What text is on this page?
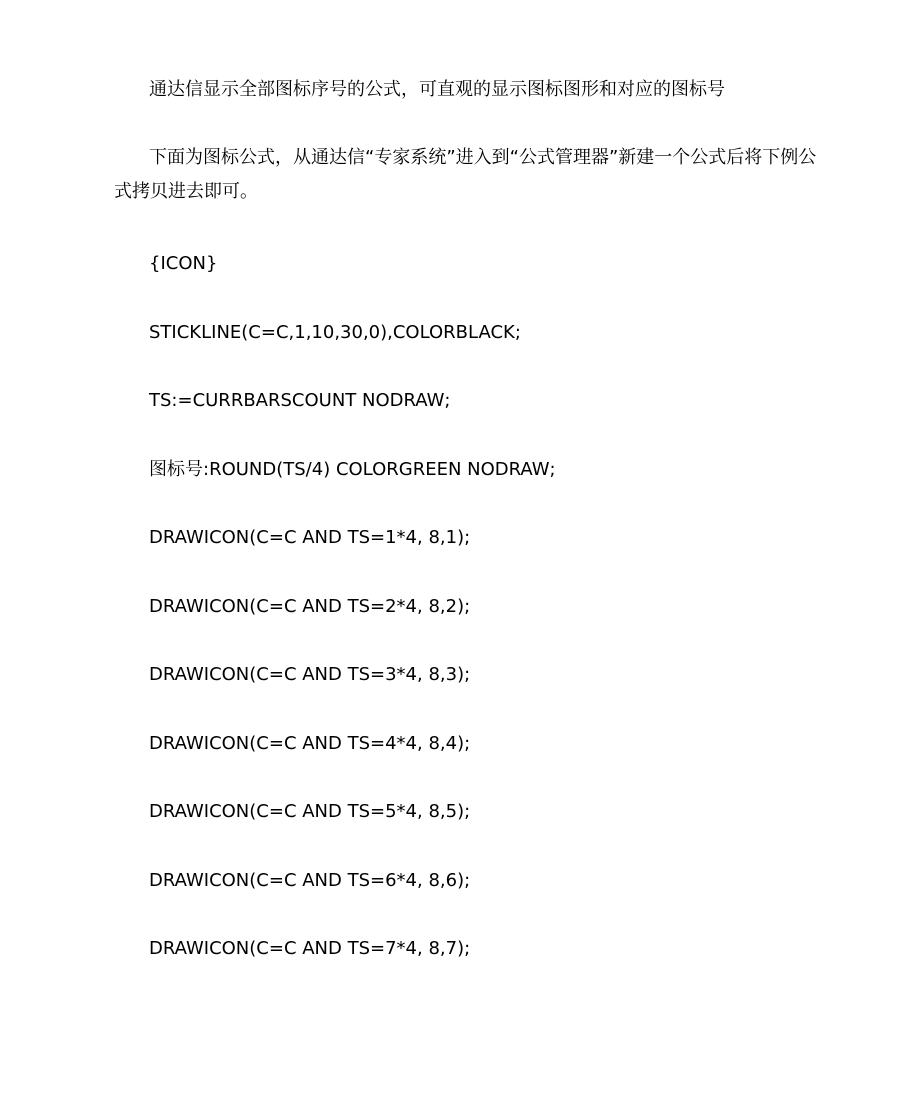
通达信显示全部图标序号的公式，可直观的显示图标图形和对应的图标号

下面为图标公式，从通达信“专家系统”进入到“公式管理器”新建一个公式后将下例公式拷贝进去即可。

{ICON}
STICKLINE(C=C,1,10,30,0),COLORBLACK;
TS:=CURRBARSCOUNT NODRAW;
图标号:ROUND(TS/4) COLORGREEN NODRAW;
DRAWICON(C=C AND TS=1*4, 8,1);
DRAWICON(C=C AND TS=2*4, 8,2);
DRAWICON(C=C AND TS=3*4, 8,3);
DRAWICON(C=C AND TS=4*4, 8,4);
DRAWICON(C=C AND TS=5*4, 8,5);
DRAWICON(C=C AND TS=6*4, 8,6);
DRAWICON(C=C AND TS=7*4, 8,7);
